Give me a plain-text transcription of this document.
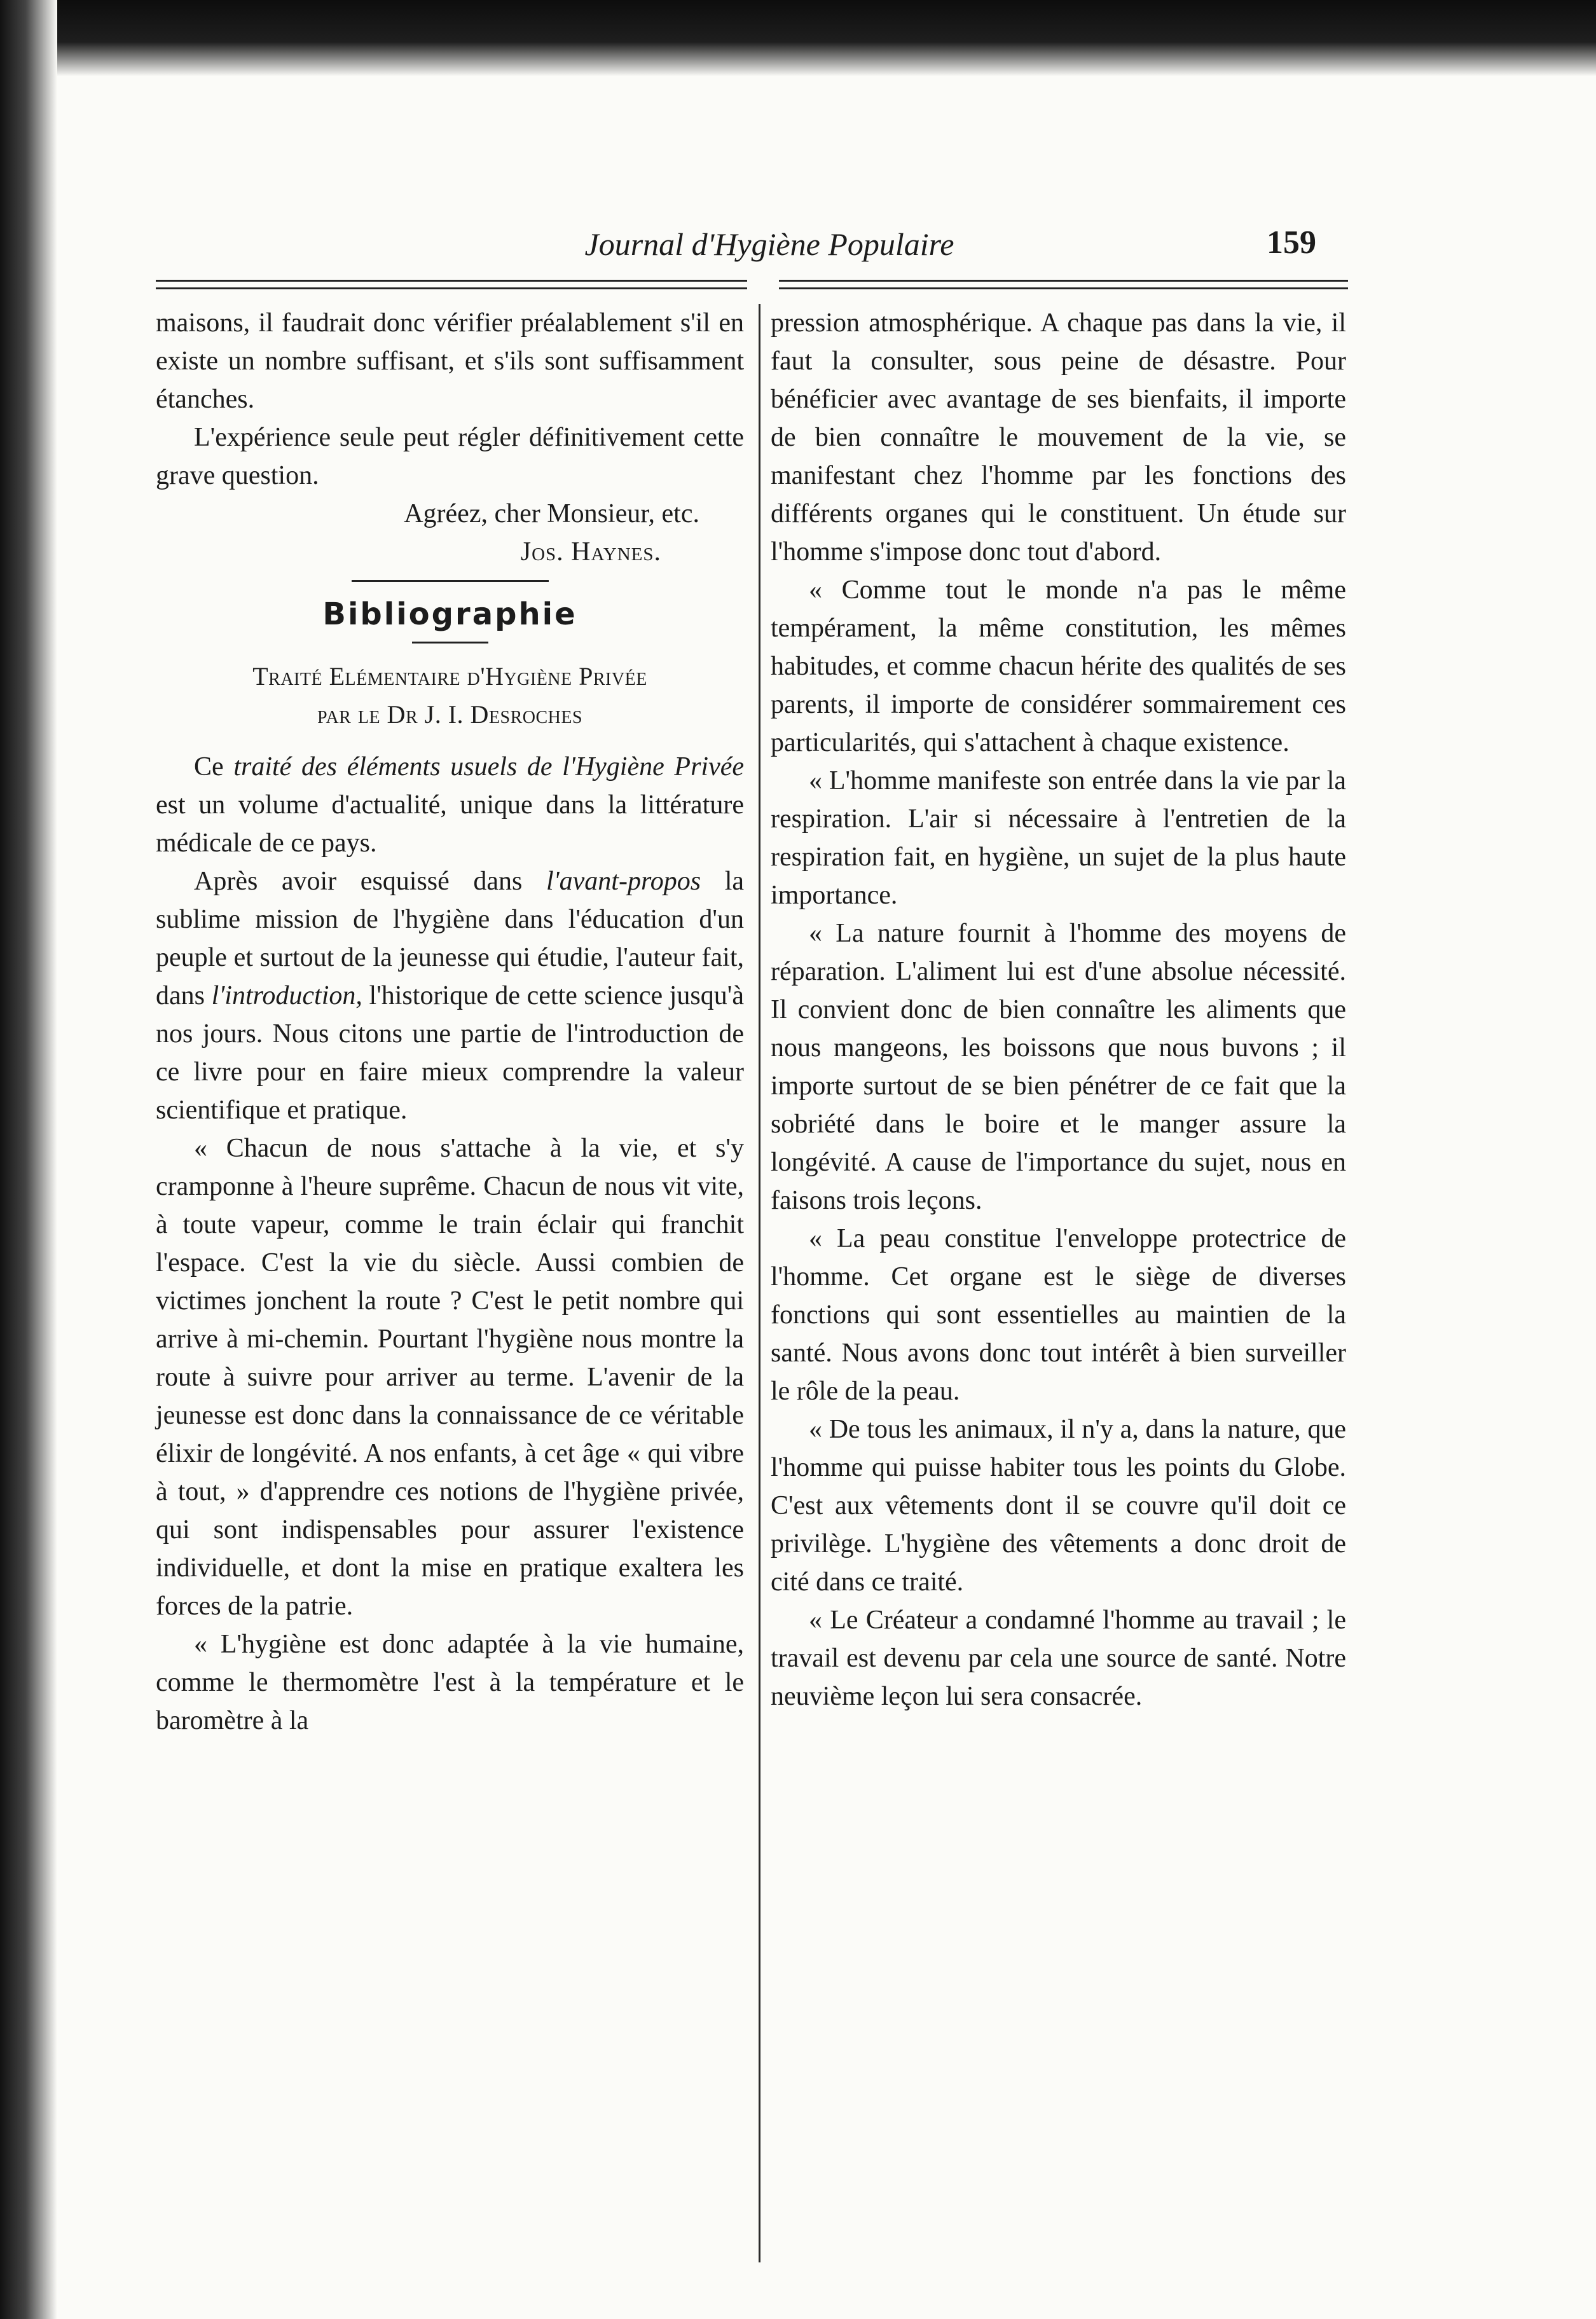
Journal d'Hygiène Populaire	159

maisons, il faudrait donc vérifier préalablement s'il en existe un nombre suffisant, et s'ils sont suffisamment étanches.

L'expérience seule peut régler définitivement cette grave question.

Agréez, cher Monsieur, etc.

Jos. Haynes.

Bibliographie
Traité Elémentaire d'Hygiène Privée
par le Dr J. I. Desroches

Ce traité des éléments usuels de l'Hygiène Privée est un volume d'actualité, unique dans la littérature médicale de ce pays.

Après avoir esquissé dans l'avant-propos la sublime mission de l'hygiène dans l'éducation d'un peuple et surtout de la jeunesse qui étudie, l'auteur fait, dans l'introduction, l'historique de cette science jusqu'à nos jours. Nous citons une partie de l'introduction de ce livre pour en faire mieux comprendre la valeur scientifique et pratique.

« Chacun de nous s'attache à la vie, et s'y cramponne à l'heure suprême. Chacun de nous vit vite, à toute vapeur, comme le train éclair qui franchit l'espace. C'est la vie du siècle. Aussi combien de victimes jonchent la route ? C'est le petit nombre qui arrive à mi-chemin. Pourtant l'hygiène nous montre la route à suivre pour arriver au terme. L'avenir de la jeunesse est donc dans la connaissance de ce véritable élixir de longévité. A nos enfants, à cet âge « qui vibre à tout, » d'apprendre ces notions de l'hygiène privée, qui sont indispensables pour assurer l'existence individuelle, et dont la mise en pratique exaltera les forces de la patrie.

« L'hygiène est donc adaptée à la vie humaine, comme le thermomètre l'est à la température et le baromètre à la

pression atmosphérique. A chaque pas dans la vie, il faut la consulter, sous peine de désastre. Pour bénéficier avec avantage de ses bienfaits, il importe de bien connaître le mouvement de la vie, se manifestant chez l'homme par les fonctions des différents organes qui le constituent. Un étude sur l'homme s'impose donc tout d'abord.

« Comme tout le monde n'a pas le même tempérament, la même constitution, les mêmes habitudes, et comme chacun hérite des qualités de ses parents, il importe de considérer sommairement ces particularités, qui s'attachent à chaque existence.

« L'homme manifeste son entrée dans la vie par la respiration. L'air si nécessaire à l'entretien de la respiration fait, en hygiène, un sujet de la plus haute importance.

« La nature fournit à l'homme des moyens de réparation. L'aliment lui est d'une absolue nécessité. Il convient donc de bien connaître les aliments que nous mangeons, les boissons que nous buvons ; il importe surtout de se bien pénétrer de ce fait que la sobriété dans le boire et le manger assure la longévité. A cause de l'importance du sujet, nous en faisons trois leçons.

« La peau constitue l'enveloppe protectrice de l'homme. Cet organe est le siège de diverses fonctions qui sont essentielles au maintien de la santé. Nous avons donc tout intérêt à bien surveiller le rôle de la peau.

« De tous les animaux, il n'y a, dans la nature, que l'homme qui puisse habiter tous les points du Globe. C'est aux vêtements dont il se couvre qu'il doit ce privilège. L'hygiène des vêtements a donc droit de cité dans ce traité.

« Le Créateur a condamné l'homme au travail ; le travail est devenu par cela une source de santé. Notre neuvième leçon lui sera consacrée.
